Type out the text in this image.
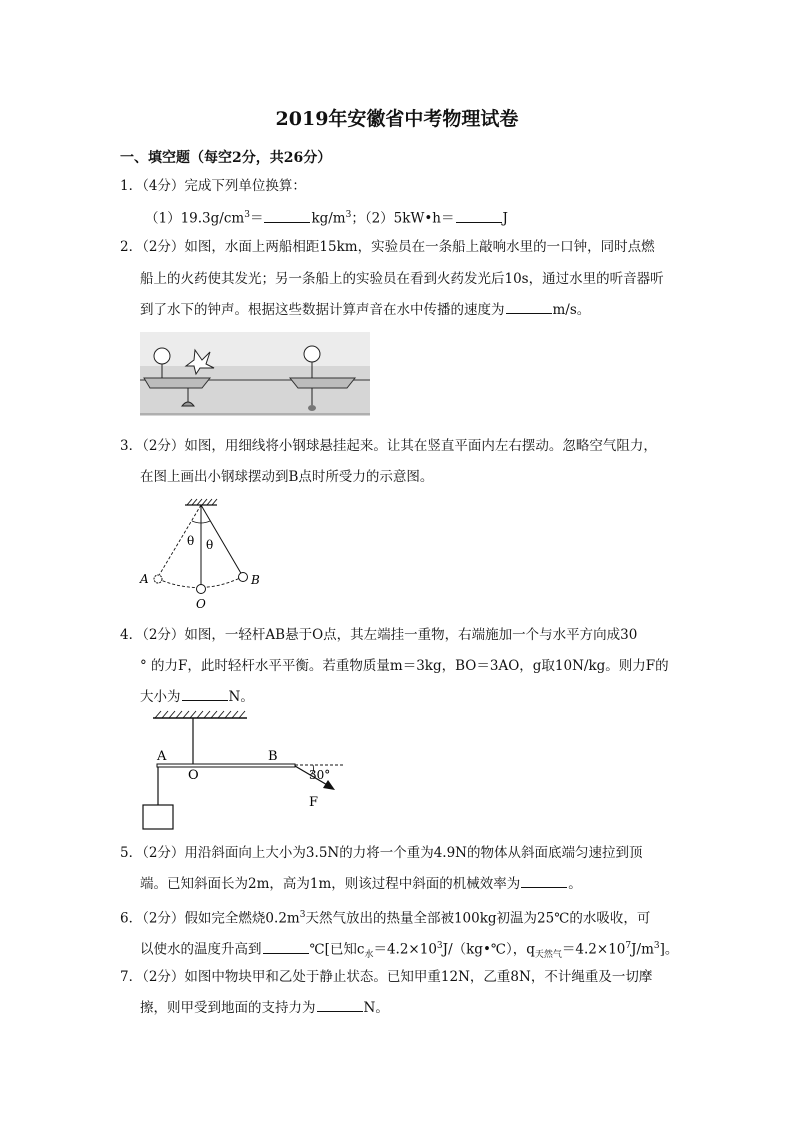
2019年安徽省中考物理试卷
一、填空题（每空2分，共26分）
1．（4分）完成下列单位换算：
$(1)19.3g/cm^3=$	$kg/m^3$；（2）5kW•h＝	J
2．（2分）如图，水面上两船相距15km，实验员在一条船上敲响水里的一口钟，同时点燃
船上的火药使其发光；另一条船上的实验员在看到火药发光后10s，通过水里的听音器听
到了水下的钟声。根据这些数据计算声音在水中传播的速度为	m/s。
3．（2分）如图，用细线将小钢球悬挂起来。让其在竖直平面内左右摆动。忽略空气阻力，
在图上画出小钢球摆动到B点时所受力的示意图。
θ θ
A	B
O
4．（2分）如图，一轻杆AB悬于O点，其左端挂一重物，右端施加一个与水平方向成30
° 的力F，此时轻杆水平平衡。若重物质量m＝3kg，BO＝3AO，g取10N/kg。则力F的
大小为	N。
A
O
B
30°
F
5．（2分）用沿斜面向上大小为3.5N的力将一个重为4.9N的物体从斜面底端匀速拉到顶
端。已知斜面长为2m，高为1m，则该过程中斜面的机械效率为	。
6．（2分）假如完全燃烧$0.2m^3$天然气放出的热量全部被100kg初温为25℃的水吸收，可
以使水的温度升高到	℃[已知$c_水=4.2\times 10^3J/(kg•℃)$，$q_{天然气}=4.2\times 10^7J/m^3$]。
7．（2分）如图中物块甲和乙处于静止状态。已知甲重12N，乙重8N，不计绳重及一切摩
擦，则甲受到地面的支持力为	N。
